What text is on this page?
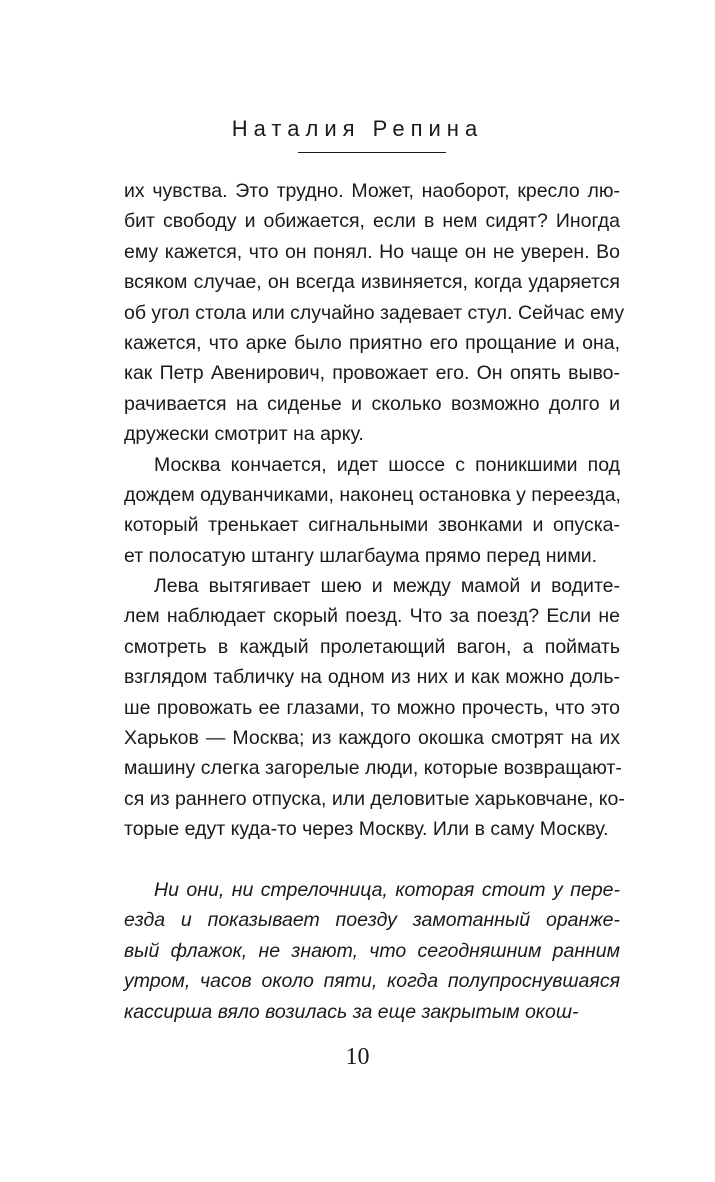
Наталия Репина
их чувства. Это трудно. Может, наоборот, кресло лю-
бит свободу и обижается, если в нем сидят? Иногда
ему кажется, что он понял. Но чаще он не уверен. Во
всяком случае, он всегда извиняется, когда ударяется
об угол стола или случайно задевает стул. Сейчас ему
кажется, что арке было приятно его прощание и она,
как Петр Авенирович, провожает его. Он опять выво-
рачивается на сиденье и сколько возможно долго и
дружески смотрит на арку.
Москва кончается, идет шоссе с поникшими под
дождем одуванчиками, наконец остановка у переезда,
который тренькает сигнальными звонками и опуска-
ет полосатую штангу шлагбаума прямо перед ними.
Лева вытягивает шею и между мамой и водите-
лем наблюдает скорый поезд. Что за поезд? Если не
смотреть в каждый пролетающий вагон, а поймать
взглядом табличку на одном из них и как можно доль-
ше провожать ее глазами, то можно прочесть, что это
Харьков — Москва; из каждого окошка смотрят на их
машину слегка загорелые люди, которые возвращают-
ся из раннего отпуска, или деловитые харьковчане, ко-
торые едут куда-то через Москву. Или в саму Москву.
Ни они, ни стрелочница, которая стоит у пере-
езда и показывает поезду замотанный оранже-
вый флажок, не знают, что сегодняшним ранним
утром, часов около пяти, когда полупроснувшаяся
кассирша вяло возилась за еще закрытым окош-
10
